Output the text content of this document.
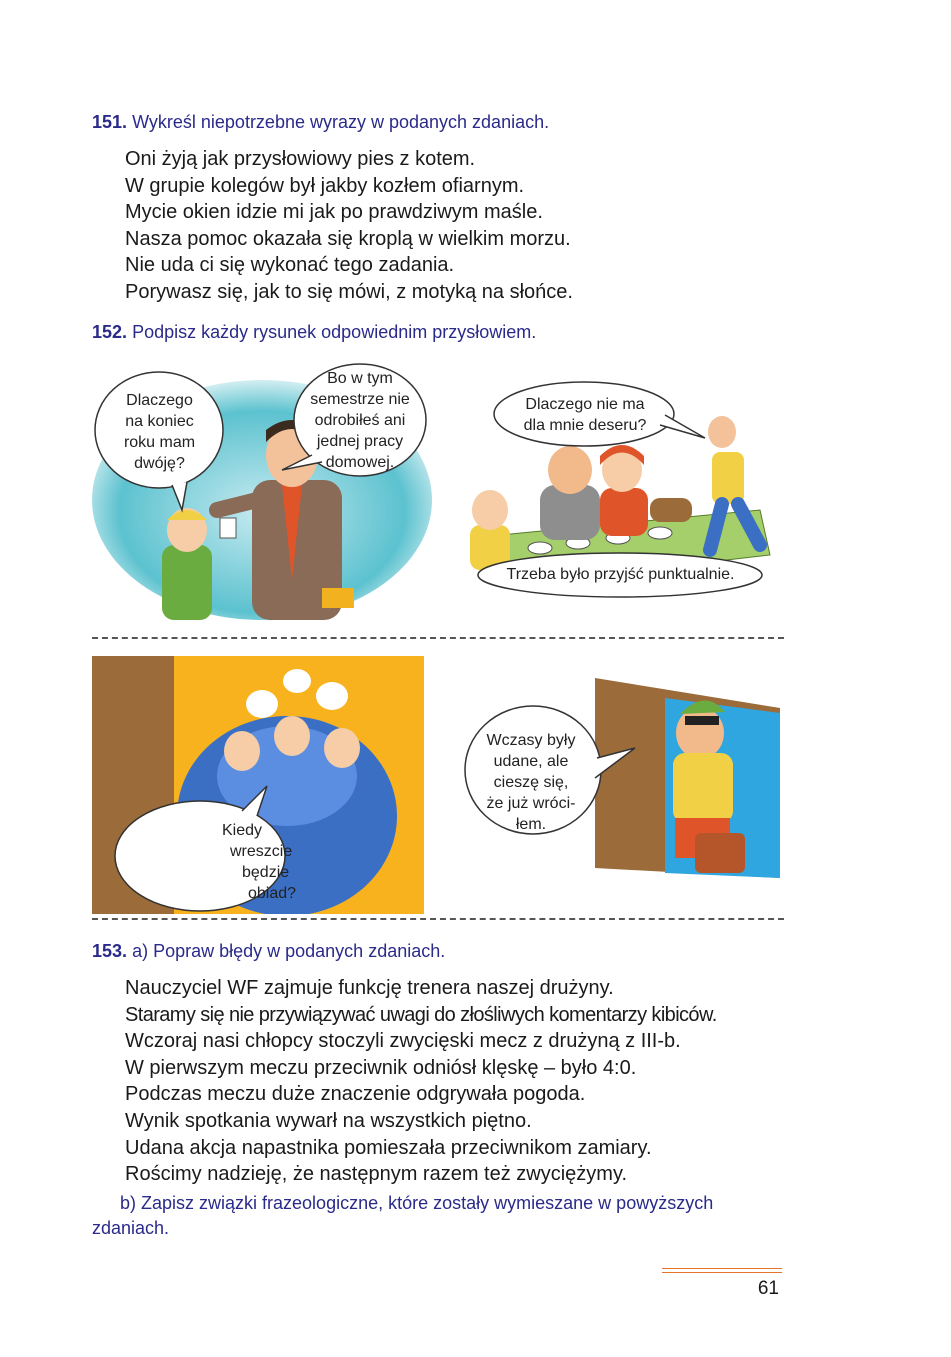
151. Wykreśl niepotrzebne wyrazy w podanych zdaniach.
Oni żyją jak przysłowiowy pies z kotem.
W grupie kolegów był jakby kozłem ofiarnym.
Mycie okien idzie mi jak po prawdziwym maśle.
Nasza pomoc okazała się kroplą w wielkim morzu.
Nie uda ci się wykonać tego zadania.
Porywasz się, jak to się mówi, z motyką na słońce.
152. Podpisz każdy rysunek odpowiednim przysłowiem.
Dlaczego
na koniec
roku mam
dwóję?
Bo w tym
semestrze nie
odrobiłeś ani
jednej pracy
domowej.
Dlaczego nie ma
dla mnie deseru?
Trzeba było przyjść punktualnie.
Kiedy
wreszcie
będzie
obiad?
Wczasy były
udane, ale
cieszę się,
że już wróci-
łem.
153. a) Popraw błędy w podanych zdaniach.
Nauczyciel WF zajmuje funkcję trenera naszej drużyny.
Staramy się nie przywiązywać uwagi do złośliwych komentarzy kibiców.
Wczoraj nasi chłopcy stoczyli zwycięski mecz z drużyną z III-b.
W pierwszym meczu przeciwnik odniósł klęskę – było 4:0.
Podczas meczu duże znaczenie odgrywała pogoda.
Wynik spotkania wywarł na wszystkich piętno.
Udana akcja napastnika pomieszała przeciwnikom zamiary.
Rościmy nadzieję, że następnym razem też zwyciężymy.
b) Zapisz związki frazeologiczne, które zostały wymieszane w powyższych zdaniach.
61
